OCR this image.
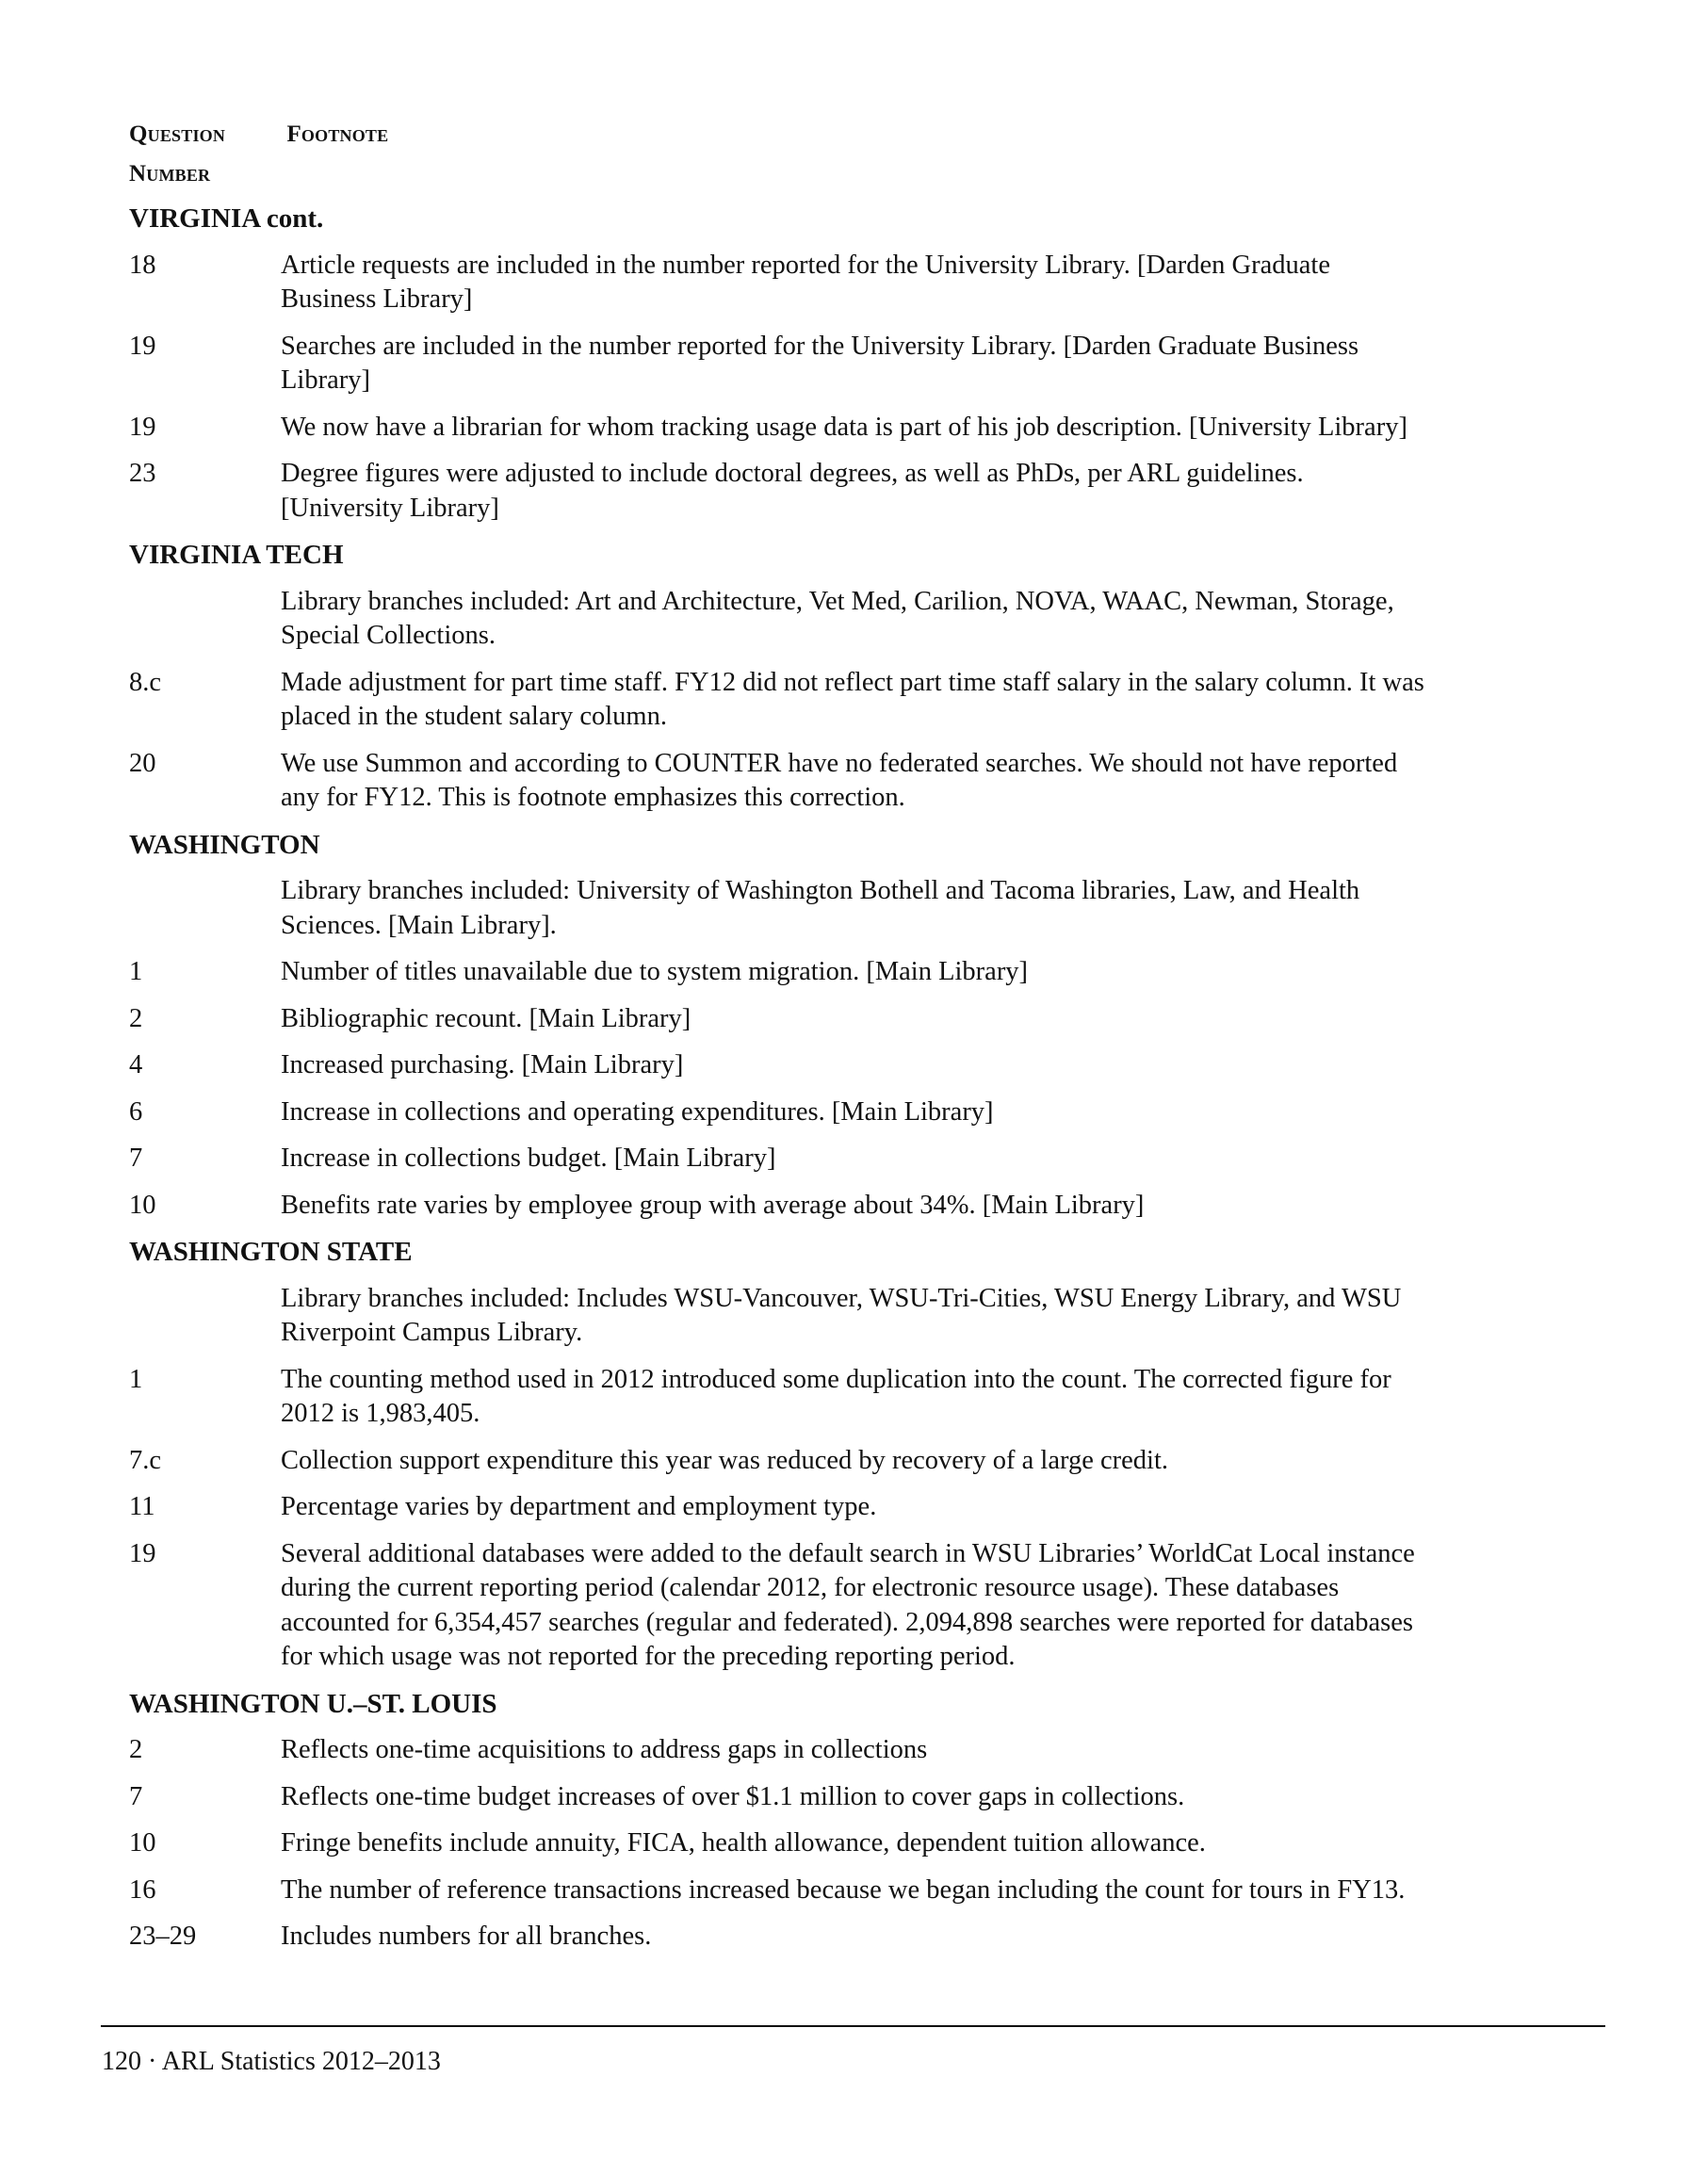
Question
Number
Footnote
VIRGINIA cont.
18	Article requests are included in the number reported for the University Library. [Darden Graduate
Business Library]
19	Searches are included in the number reported for the University Library. [Darden Graduate Business
Library]
19	We now have a librarian for whom tracking usage data is part of his job description. [University Library]
23	Degree figures were adjusted to include doctoral degrees, as well as PhDs, per ARL guidelines.
[University Library]
VIRGINIA TECH
Library branches included: Art and Architecture, Vet Med, Carilion, NOVA, WAAC, Newman, Storage,
Special Collections.
8.c	Made adjustment for part time staff. FY12 did not reflect part time staff salary in the salary column. It was
placed in the student salary column.
20	We use Summon and according to COUNTER have no federated searches. We should not have reported
any for FY12. This is footnote emphasizes this correction.
WASHINGTON
Library branches included: University of Washington Bothell and Tacoma libraries, Law, and Health
Sciences. [Main Library].
1	Number of titles unavailable due to system migration. [Main Library]
2	Bibliographic recount. [Main Library]
4	Increased purchasing. [Main Library]
6	Increase in collections and operating expenditures. [Main Library]
7	Increase in collections budget. [Main Library]
10	Benefits rate varies by employee group with average about 34%. [Main Library]
WASHINGTON STATE
Library branches included: Includes WSU-Vancouver, WSU-Tri-Cities, WSU Energy Library, and WSU
Riverpoint Campus Library.
1	The counting method used in 2012 introduced some duplication into the count. The corrected figure for
2012 is 1,983,405.
7.c	Collection support expenditure this year was reduced by recovery of a large credit.
11	Percentage varies by department and employment type.
19	Several additional databases were added to the default search in WSU Libraries’ WorldCat Local instance
during the current reporting period (calendar 2012, for electronic resource usage). These databases
accounted for 6,354,457 searches (regular and federated). 2,094,898 searches were reported for databases
for which usage was not reported for the preceding reporting period.
WASHINGTON U.–ST. LOUIS
2	Reflects one-time acquisitions to address gaps in collections
7	Reflects one-time budget increases of over $1.1 million to cover gaps in collections.
10	Fringe benefits include annuity, FICA, health allowance, dependent tuition allowance.
16	The number of reference transactions increased because we began including the count for tours in FY13.
23–29	Includes numbers for all branches.
120 · ARL Statistics 2012–2013
